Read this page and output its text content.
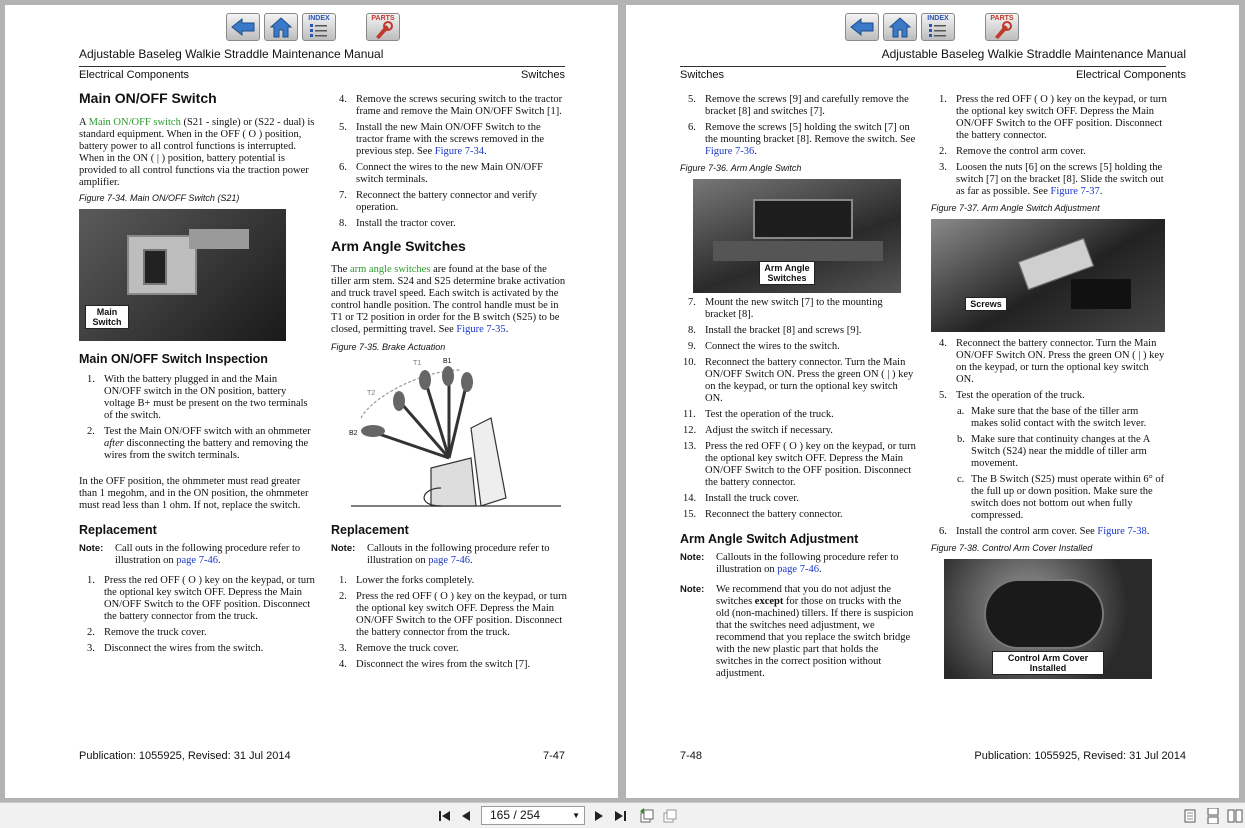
INDEX	PARTS
Adjustable Baseleg Walkie Straddle Maintenance Manual
Electrical Components	Switches
Main ON/OFF Switch

A Main ON/OFF switch (S21 - single) or (S22 - dual) is standard equipment. When in the OFF ( O ) position, battery power to all control functions is interrupted. When in the ON ( | ) position, battery potential is provided to all control functions via the traction power amplifier.

Figure 7-34. Main ON/OFF Switch (S21)
Main Switch
Main ON/OFF Switch Inspection
1. With the battery plugged in and the Main ON/OFF switch in the ON position, battery voltage B+ must be present on the two terminals of the switch.
2. Test the Main ON/OFF switch with an ohmmeter after disconnecting the battery and removing the wires from the switch terminals.

In the OFF position, the ohmmeter must read greater than 1 megohm, and in the ON position, the ohmmeter must read less than 1 ohm. If not, replace the switch.

Replacement
Note:	Call outs in the following procedure refer to illustration on page 7-46.
1. Press the red OFF ( O ) key on the keypad, or turn the optional key switch OFF. Depress the Main ON/OFF Switch to the OFF position. Disconnect the battery connector from the truck.
2. Remove the truck cover.
3. Disconnect the wires from the switch.
4. Remove the screws securing switch to the tractor frame and remove the Main ON/OFF Switch [1].
5. Install the new Main ON/OFF Switch to the tractor frame with the screws removed in the previous step. See Figure 7-34.
6. Connect the wires to the new Main ON/OFF switch terminals.
7. Reconnect the battery connector and verify operation.
8. Install the tractor cover.
Arm Angle Switches

The arm angle switches are found at the base of the tiller arm stem. S24 and S25 determine brake activation and truck travel speed. Each switch is activated by the control handle position. The control handle must be in T1 or T2 position in order for the B switch (S25) to be closed, permitting travel. See Figure 7-35.

Figure 7-35. Brake Actuation
T1	B1
T2
B2
Replacement
Note:	Callouts in the following procedure refer to illustration on page 7-46.
1. Lower the forks completely.
2. Press the red OFF ( O ) key on the keypad, or turn the optional key switch OFF. Depress the Main ON/OFF Switch to the OFF position. Disconnect the battery connector from the truck.
3. Remove the truck cover.
4. Disconnect the wires from the switch [7].
Publication: 1055925, Revised: 31 Jul 2014	7-47
INDEX	PARTS
Adjustable Baseleg Walkie Straddle Maintenance Manual
Switches	Electrical Components
5. Remove the screws [9] and carefully remove the bracket [8] and switches [7].
6. Remove the screws [5] holding the switch [7] on the mounting bracket [8]. Remove the switch. See Figure 7-36.
Figure 7-36. Arm Angle Switch
Arm Angle Switches
7. Mount the new switch [7] to the mounting bracket [8].
8. Install the bracket [8] and screws [9].
9. Connect the wires to the switch.
10. Reconnect the battery connector. Turn the Main ON/OFF Switch ON. Press the green ON ( | ) key on the keypad, or turn the optional key switch ON.
11. Test the operation of the truck.
12. Adjust the switch if necessary.
13. Press the red OFF ( O ) key on the keypad, or turn the optional key switch OFF. Depress the Main ON/OFF Switch to the OFF position. Disconnect the battery connector.
14. Install the truck cover.
15. Reconnect the battery connector.
Arm Angle Switch Adjustment
Note:	Callouts in the following procedure refer to illustration on page 7-46.
Note:	We recommend that you do not adjust the switches except for those on trucks with the old (non-machined) tillers. If there is suspicion that the switches need adjustment, we recommend that you replace the switch bridge with the new plastic part that holds the switches in the correct position without adjustment.
1. Press the red OFF ( O ) key on the keypad, or turn the optional key switch OFF. Depress the Main ON/OFF Switch to the OFF position. Disconnect the battery connector.
2. Remove the control arm cover.
3. Loosen the nuts [6] on the screws [5] holding the switch [7] on the bracket [8]. Slide the switch out as far as possible. See Figure 7-37.
Figure 7-37. Arm Angle Switch Adjustment
Screws
4. Reconnect the battery connector. Turn the Main ON/OFF Switch ON. Press the green ON ( | ) key on the keypad, or turn the optional key switch ON.
5. Test the operation of the truck.
a. Make sure that the base of the tiller arm makes solid contact with the switch lever.
b. Make sure that continuity changes at the A Switch (S24) near the middle of tiller arm movement.
c. The B Switch (S25) must operate within 6° of the full up or down position. Make sure the switch does not bottom out when fully compressed.
6. Install the control arm cover. See Figure 7-38.
Figure 7-38. Control Arm Cover Installed
Control Arm Cover Installed
7-48	Publication: 1055925, Revised: 31 Jul 2014
165 / 254	▼
